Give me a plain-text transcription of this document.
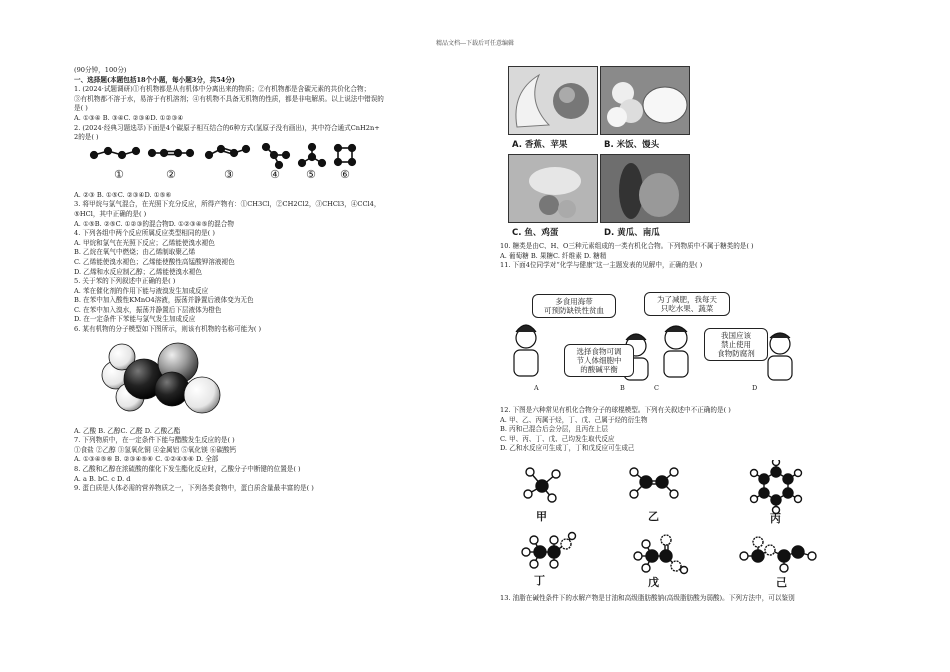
精品文档---下载后可任意编辑
(90分钟，100分)
一、选择题(本题包括18个小题，每小题3分，共54分)
1. (2024·试题调研)①有机物都是从有机体中分离出来的物质；②有机物都是含碳元素的共价化合物；
③有机物都不溶于水，易溶于有机溶剂；④有机物不具备无机物的性质，都是非电解质。以上说法中错误的
是( )
A. ①③④ B. ③④C. ②③④D. ①②③④
2. (2024·经典习题选萃)下面是4个碳原子相互结合的6种方式(氢原子没有画出)，其中符合通式CnH2n+
2的是( )
①	②	③	④ ⑤ ⑥
A. ②③ B. ①⑤C. ②③④D. ①⑤⑥
3. 将甲烷与氯气混合，在光照下充分反应，所得产物有：①CH3Cl，②CH2Cl2，③CHCl3，④CCl4，
⑤HCl，其中正确的是( )
A. ①⑤B. ②⑤C. ①②③的混合物D. ①②③④⑤的混合物
4. 下列各组中两个反应所属反应类型相同的是( )
A. 甲烷和氯气在光照下反应；乙烯能使溴水褪色
B. 乙烷在氧气中燃烧；由乙烯制取聚乙烯
C. 乙烯能使溴水褪色；乙烯能使酸性高锰酸钾溶液褪色
D. 乙烯和水反应制乙醇；乙烯能使溴水褪色
5. 关于苯的下列叙述中正确的是( )
A. 苯在催化剂的作用下能与液溴发生加成反应
B. 在苯中加入酸性KMnO4溶液，振荡并静置后液体变为无色
C. 在苯中加入溴水，振荡并静置后下层液体为橙色
D. 在一定条件下苯能与氯气发生加成反应
6. 某有机物的分子模型如下图所示，则该有机物的名称可能为( )
A. 乙酸 B. 乙醇C. 乙醛 D. 乙酸乙酯
7. 下列物质中，在一定条件下能与醋酸发生反应的是( )
①食盐 ②乙醇 ③氢氧化铜 ④金属铝 ⑤氧化镁 ⑥碳酸钙
A. ①③④⑤⑥ B. ②③④⑤⑥ C. ①②④⑤⑥ D. 全部
8. 乙酸和乙醇在浓硫酸的催化下发生酯化反应时，乙酸分子中断键的位置是( )
A. a B. bC. c D. d
9. 蛋白质是人体必需的营养物质之一，下列各类食物中，蛋白质含量最丰富的是( )
A. 香蕉、苹果	B. 米饭、馒头
C. 鱼、鸡蛋	D. 黄瓜、南瓜
10. 糖类是由C、H、O三种元素组成的一类有机化合物。下列物质中不属于糖类的是( )
A. 葡萄糖 B. 果糖C. 纤维素 D. 糖精
11. 下面4位同学对“化学与健康”这一主题发表的见解中，正确的是( )
多食用海带
可预防缺铁性贫血
为了减肥，我每天
只吃水果、蔬菜
选择食物可调
节人体细胞中
的酸碱平衡
我国应该
禁止使用
食物防腐剂
A	B	C	D
12. 下图是六种常见有机化合物分子的球棍模型。下列有关叙述中不正确的是( )
A. 甲、乙、丙属于烃，丁、戊、己属于烃的衍生物
B. 丙和己混合后会分层，且丙在上层
C. 甲、丙、丁、戊、己均发生取代反应
D. 乙和水反应可生成丁，丁和戊反应可生成己
甲	乙	丙
丁	戊	己
13. 油脂在碱性条件下的水解产物是甘油和高级脂肪酸钠(高级脂肪酸为弱酸)。下列方法中，可以鉴别
